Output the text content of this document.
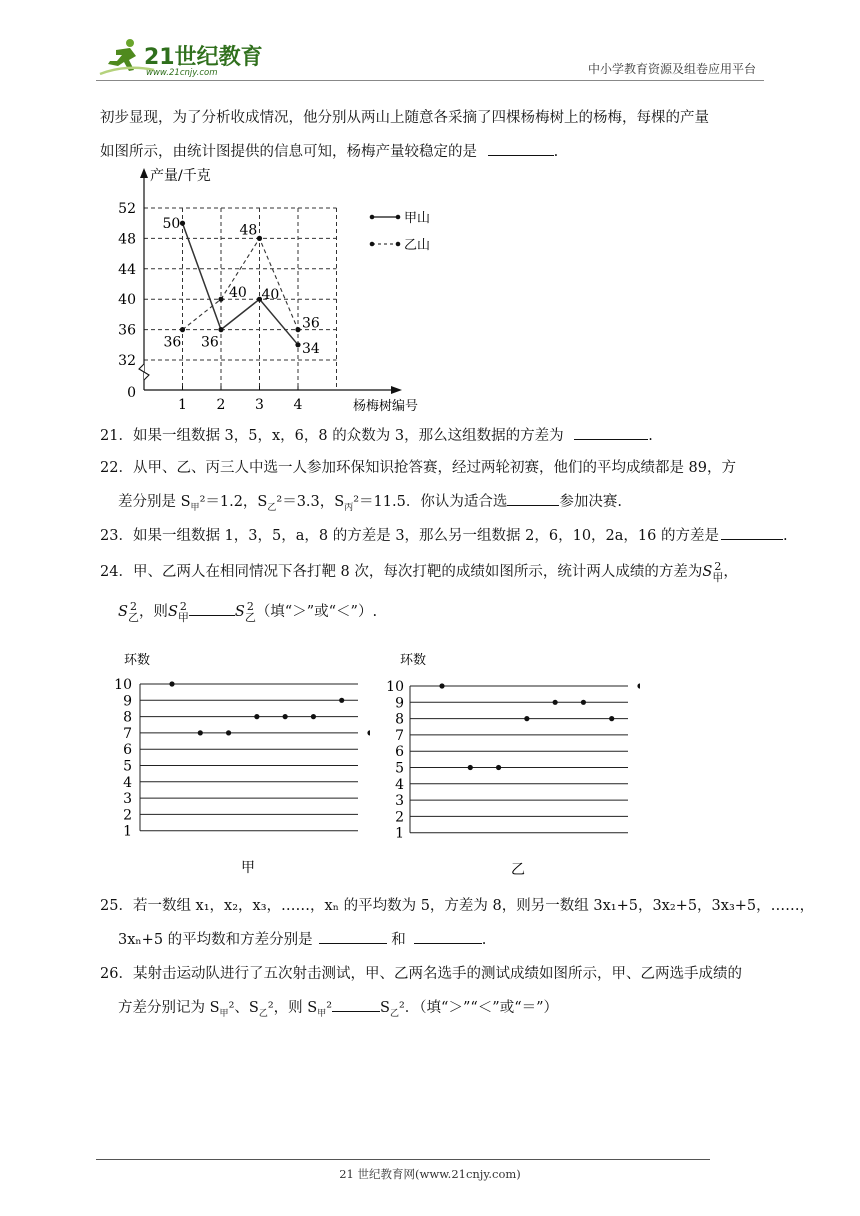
21世纪教育
www.21cnjy.com	中小学教育资源及组卷应用平台
初步显现，为了分析收成情况，他分别从两山上随意各采摘了四棵杨梅树上的杨梅，每棵的产量
如图所示，由统计图提供的信息可知，杨梅产量较稳定的是	.
产量/千克
杨梅树编号
52
48
44
40
36
32
0
1 2 3 4
50
36
40
34
36
40
48
36
甲山
乙山
21．如果一组数据 3，5，x，6，8 的众数为 3，那么这组数据的方差为	.
22．从甲、乙、丙三人中选一人参加环保知识抢答赛，经过两轮初赛，他们的平均成绩都是 89，方
差分别是 $S_甲^2=1.2$，$S_乙^2=3.3$，$S_丙^2=11.5$．你认为适合选	参加决赛.
23．如果一组数据 1，3，5，a，8 的方差是 3，那么另一组数据 2，6，10，2a，16 的方差是	.
24．甲、乙两人在相同情况下各打靶 8 次，每次打靶的成绩如图所示，统计两人成绩的方差为S 2
甲 ，
S 2
乙 ，则S 2
甲	S 2
乙 （填“＞”或“＜”）.
环数
10
9
8
7
6
5
4
3
2
1
甲
环数
10
9
8
7
6
5
4
3
2
1
乙
25．若一数组 x₁，x₂，x₃，……，xₙ 的平均数为 5，方差为 8，则另一数组 3x₁+5，3x₂+5，3x₃+5，……，
3xₙ+5 的平均数和方差分别是	和	.
26．某射击运动队进行了五次射击测试，甲、乙两名选手的测试成绩如图所示，甲、乙两选手成绩的
方差分别记为 $S_甲^2$、$S_乙^2$，则 $S_甲^2$	$S_乙^2$．（填“＞”“＜”或“＝”）
21 世纪教育网(www.21cnjy.com)
